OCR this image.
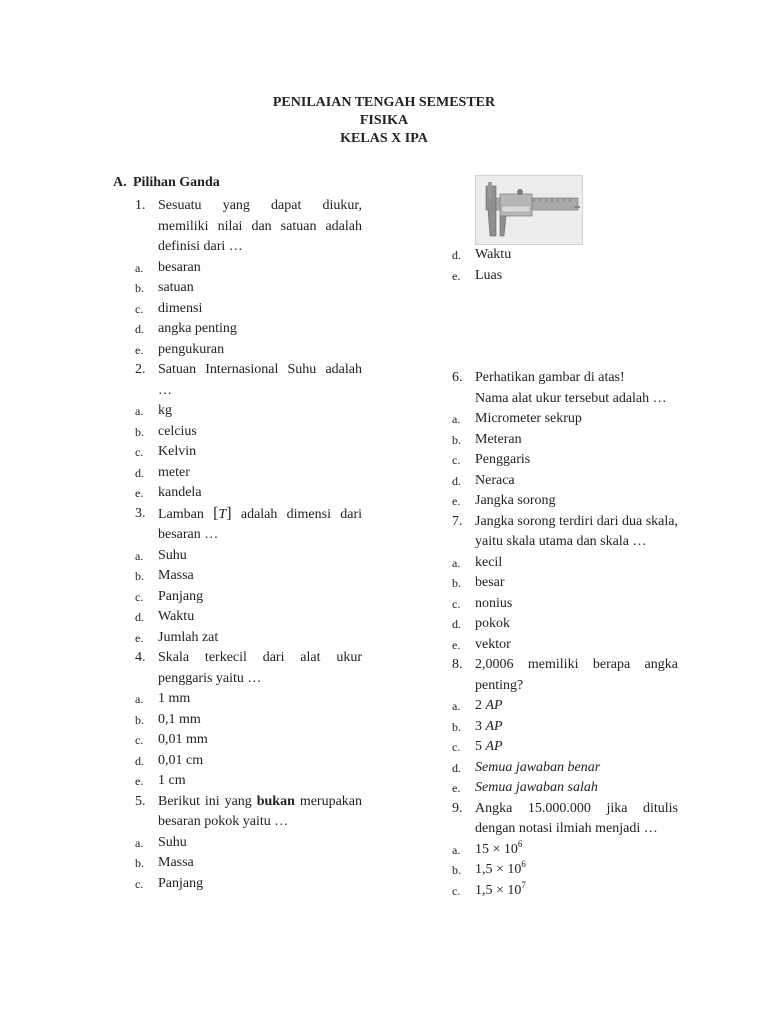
PENILAIAN TENGAH SEMESTER
FISIKA
KELAS X IPA
A. Pilihan Ganda
1. Sesuatu yang dapat diukur, memiliki nilai dan satuan adalah definisi dari …
a. besaran
b. satuan
c. dimensi
d. angka penting
e. pengukuran
2. Satuan Internasional Suhu adalah …
a. kg
b. celcius
c. Kelvin
d. meter
e. kandela
3. Lamban [T] adalah dimensi dari besaran …
a. Suhu
b. Massa
c. Panjang
d. Waktu
e. Jumlah zat
4. Skala terkecil dari alat ukur penggaris yaitu …
a. 1 mm
b. 0,1 mm
c. 0,01 mm
d. 0,01 cm
e. 1 cm
5. Berikut ini yang bukan merupakan besaran pokok yaitu …
a. Suhu
b. Massa
c. Panjang
d. Waktu
e. Luas
6. Perhatikan gambar di atas!
Nama alat ukur tersebut adalah …
a. Micrometer sekrup
b. Meteran
c. Penggaris
d. Neraca
e. Jangka sorong
7. Jangka sorong terdiri dari dua skala, yaitu skala utama dan skala …
a. kecil
b. besar
c. nonius
d. pokok
e. vektor
8. 2,0006 memiliki berapa angka penting?
a. 2 AP
b. 3 AP
c. 5 AP
d. Semua jawaban benar
e. Semua jawaban salah
9. Angka 15.000.000 jika ditulis dengan notasi ilmiah menjadi …
a. $15 \times 10^6$
b. $1,5 \times 10^6$
c. $1,5 \times 10^7$
